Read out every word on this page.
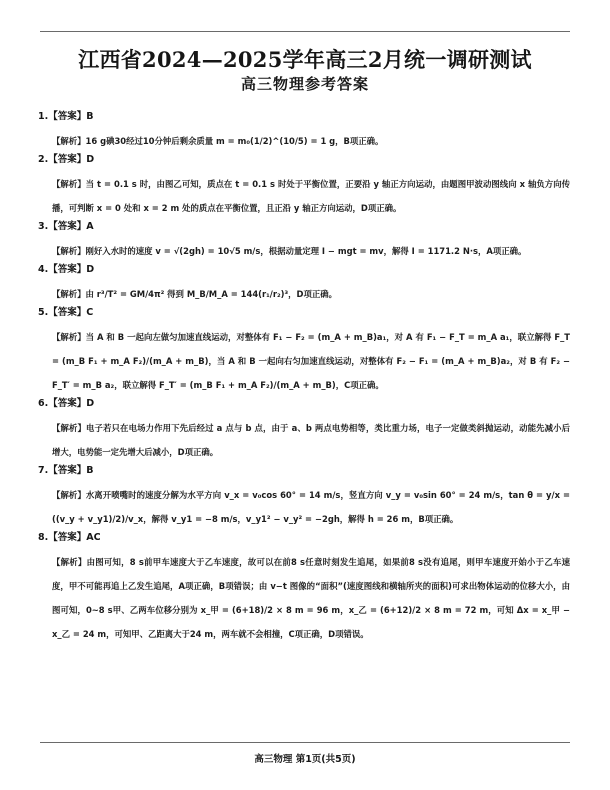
江西省2024—2025学年高三2月统一调研测试
高三物理参考答案
1.【答案】B
【解析】16 g碘30经过10分钟后剩余质量 m = m₀(1/2)^(10/5) = 1 g，B项正确。
2.【答案】D
【解析】当 t = 0.1 s 时，由图乙可知，质点在 t = 0.1 s 时处于平衡位置，正要沿 y 轴正方向运动，由题图甲波动图线向 x 轴负方向传播，可判断 x = 0 处和 x = 2 m 处的质点在平衡位置，且正沿 y 轴正方向运动，D项正确。
3.【答案】A
【解析】刚好入水时的速度 v = √(2gh) = 10√5 m/s，根据动量定理 I − mgt = mv，解得 I = 1171.2 N·s，A项正确。
4.【答案】D
【解析】由 r³/T² = GM/4π² 得到 M_B/M_A = 144(r₁/r₂)³，D项正确。
5.【答案】C
【解析】当 A 和 B 一起向左做匀加速直线运动，对整体有 F₁ − F₂ = (m_A + m_B)a₁，对 A 有 F₁ − F_T = m_A a₁，联立解得 F_T = (m_B F₁ + m_A F₂)/(m_A + m_B)，当 A 和 B 一起向右匀加速直线运动，对整体有 F₂ − F₁ = (m_A + m_B)a₂，对 B 有 F₂ − F_T′ = m_B a₂，联立解得 F_T′ = (m_B F₁ + m_A F₂)/(m_A + m_B)，C项正确。
6.【答案】D
【解析】电子若只在电场力作用下先后经过 a 点与 b 点，由于 a、b 两点电势相等，类比重力场，电子一定做类斜抛运动，动能先减小后增大，电势能一定先增大后减小，D项正确。
7.【答案】B
【解析】水离开喷嘴时的速度分解为水平方向 v_x = v₀cos 60° = 14 m/s，竖直方向 v_y = v₀sin 60° = 24 m/s，tan θ = y/x = ((v_y + v_y1)/2)/v_x，解得 v_y1 = −8 m/s，v_y1² − v_y² = −2gh，解得 h = 26 m，B项正确。
8.【答案】AC
【解析】由图可知，8 s前甲车速度大于乙车速度，故可以在前8 s任意时刻发生追尾，如果前8 s没有追尾，则甲车速度开始小于乙车速度，甲不可能再追上乙发生追尾，A项正确，B项错误；由 v−t 图像的“面积”(速度图线和横轴所夹的面积)可求出物体运动的位移大小，由图可知，0~8 s甲、乙两车位移分别为 x_甲 = (6+18)/2 × 8 m = 96 m，x_乙 = (6+12)/2 × 8 m = 72 m，可知 Δx = x_甲 − x_乙 = 24 m，可知甲、乙距离大于24 m，两车就不会相撞，C项正确，D项错误。
高三物理 第1页(共5页)
